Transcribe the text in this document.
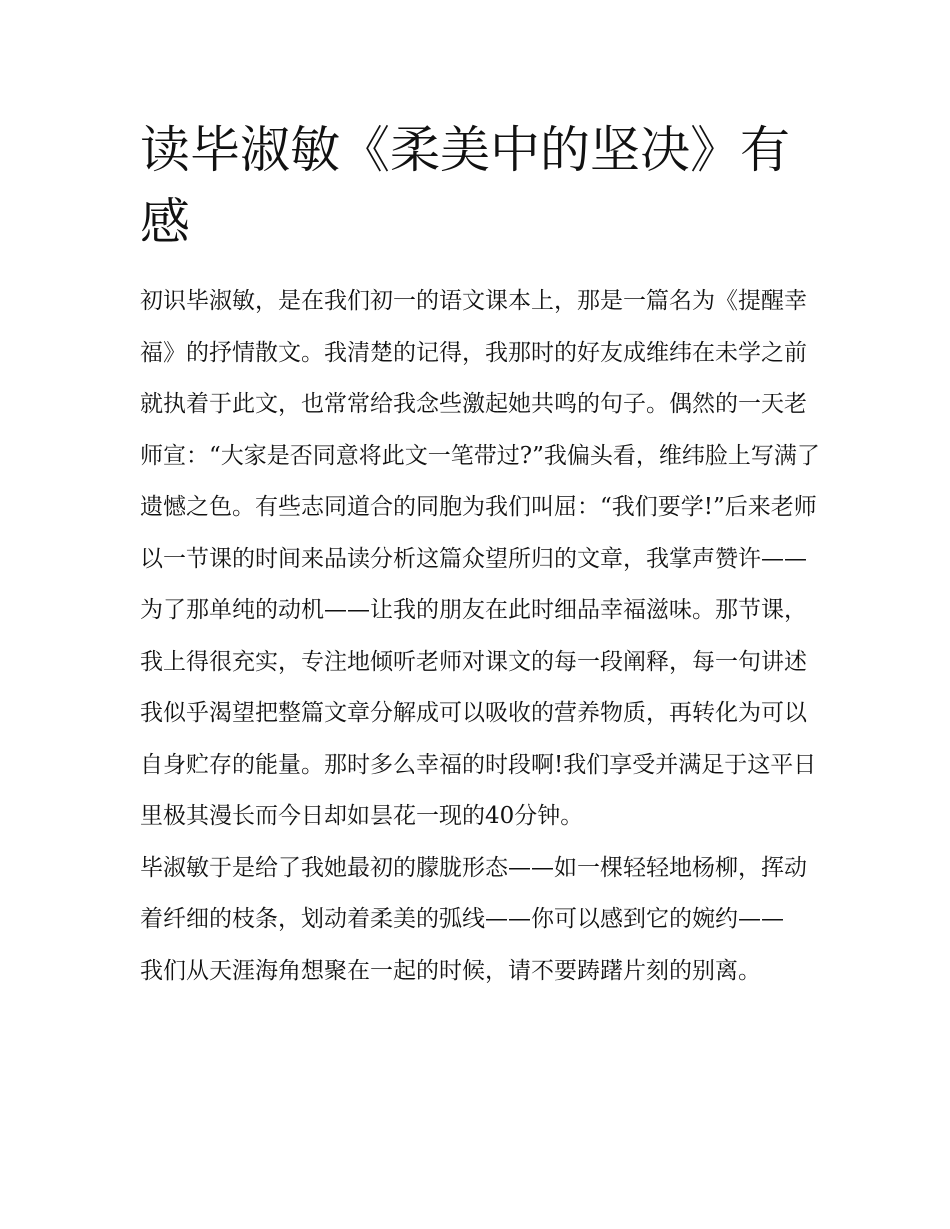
读毕淑敏《柔美中的坚决》有感

初识毕淑敏，是在我们初一的语文课本上，那是一篇名为《提醒幸福》的抒情散文。我清楚的记得，我那时的好友成维纬在未学之前就执着于此文，也常常给我念些激起她共鸣的句子。偶然的一天老师宣：“大家是否同意将此文一笔带过?”我偏头看，维纬脸上写满了遗憾之色。有些志同道合的同胞为我们叫屈：“我们要学!”后来老师以一节课的时间来品读分析这篇众望所归的文章，我掌声赞许——为了那单纯的动机——让我的朋友在此时细品幸福滋味。那节课，我上得很充实，专注地倾听老师对课文的每一段阐释，每一句讲述我似乎渴望把整篇文章分解成可以吸收的营养物质，再转化为可以自身贮存的能量。那时多么幸福的时段啊!我们享受并满足于这平日里极其漫长而今日却如昙花一现的40分钟。

毕淑敏于是给了我她最初的朦胧形态——如一棵轻轻地杨柳，挥动着纤细的枝条，划动着柔美的弧线——你可以感到它的婉约——

我们从天涯海角想聚在一起的时候，请不要踌躇片刻的别离。
